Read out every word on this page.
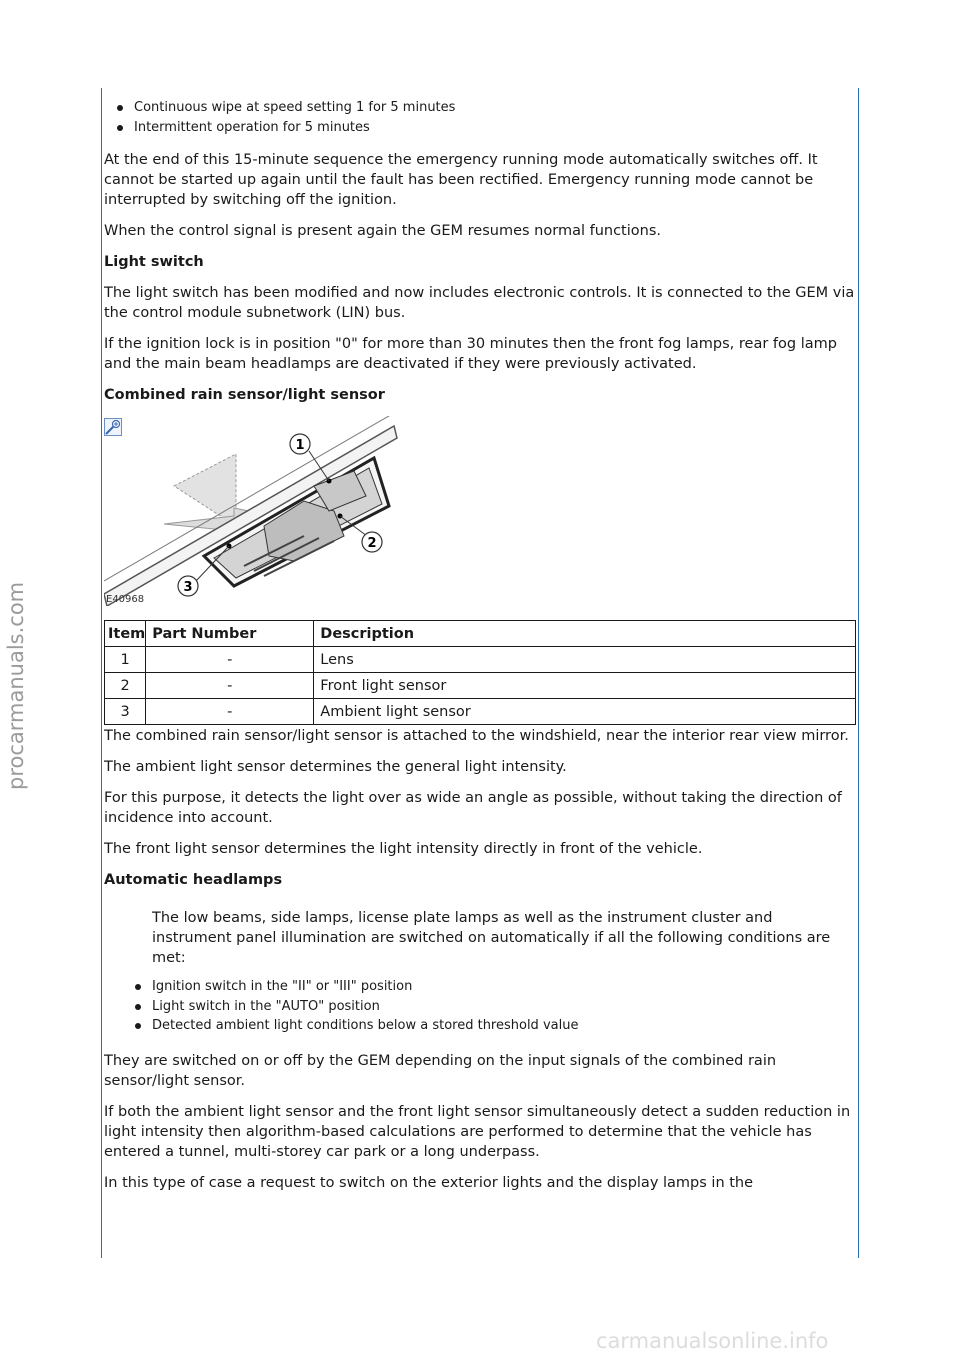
procarmanuals.com
carmanualsonline.info
Continuous wipe at speed setting 1 for 5 minutes
Intermittent operation for 5 minutes

At the end of this 15-minute sequence the emergency running mode automatically switches off. It cannot be started up again until the fault has been rectified. Emergency running mode cannot be interrupted by switching off the ignition.

When the control signal is present again the GEM resumes normal functions.

Light switch

The light switch has been modified and now includes electronic controls. It is connected to the GEM via the control module subnetwork (LIN) bus.

If the ignition lock is in position "0" for more than 30 minutes then the front fog lamps, rear fog lamp and the main beam headlamps are deactivated if they were previously activated.

Combined rain sensor/light sensor
1
2
3
E40968
Item	Part Number	Description
1	-	Lens
2	-	Front light sensor
3	-	Ambient light sensor

The combined rain sensor/light sensor is attached to the windshield, near the interior rear view mirror.

The ambient light sensor determines the general light intensity.

For this purpose, it detects the light over as wide an angle as possible, without taking the direction of incidence into account.

The front light sensor determines the light intensity directly in front of the vehicle.

Automatic headlamps

The low beams, side lamps, license plate lamps as well as the instrument cluster and instrument panel illumination are switched on automatically if all the following conditions are met:

Ignition switch in the "II" or "III" position
Light switch in the "AUTO" position
Detected ambient light conditions below a stored threshold value

They are switched on or off by the GEM depending on the input signals of the combined rain sensor/light sensor.

If both the ambient light sensor and the front light sensor simultaneously detect a sudden reduction in light intensity then algorithm-based calculations are performed to determine that the vehicle has entered a tunnel, multi-storey car park or a long underpass.

In this type of case a request to switch on the exterior lights and the display lamps in the
